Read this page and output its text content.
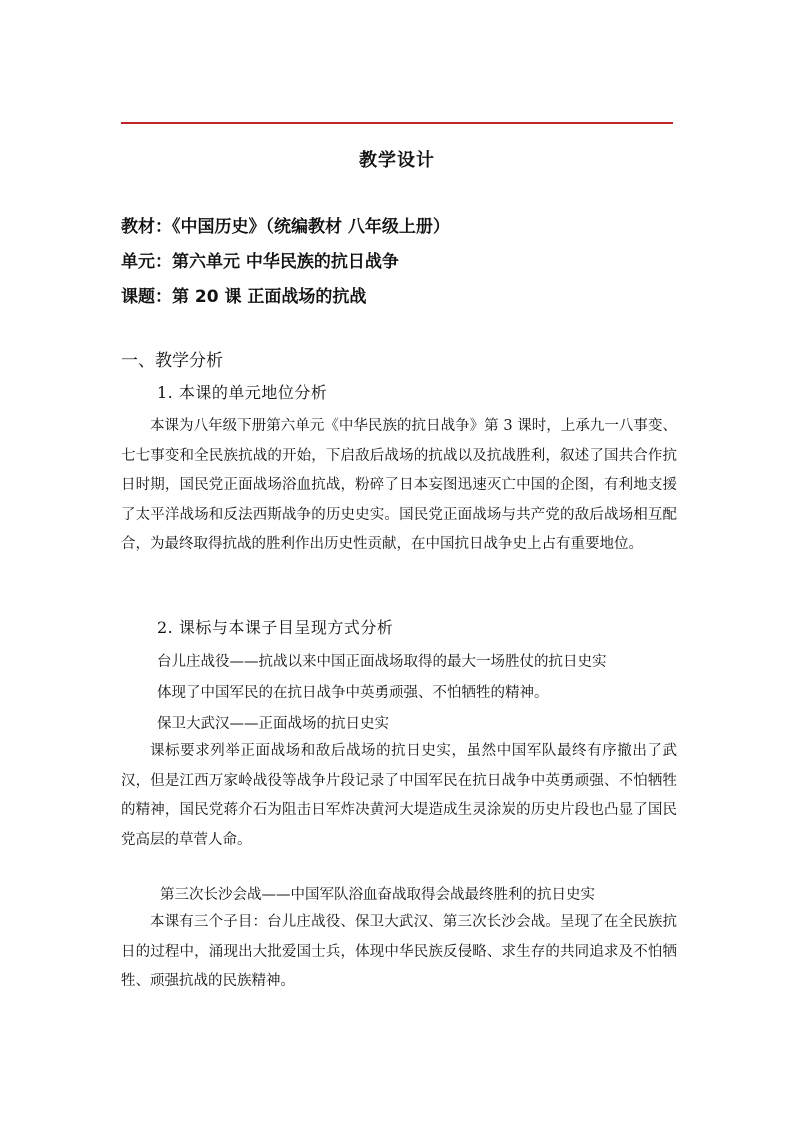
教学设计
教材：《中国历史》（统编教材 八年级上册）
单元：第六单元 中华民族的抗日战争
课题：第 20 课 正面战场的抗战
一、教学分析
1. 本课的单元地位分析

本课为八年级下册第六单元《中华民族的抗日战争》第 3 课时，上承九一八事变、七七事变和全民族抗战的开始，下启敌后战场的抗战以及抗战胜利，叙述了国共合作抗日时期，国民党正面战场浴血抗战，粉碎了日本妄图迅速灭亡中国的企图，有利地支援了太平洋战场和反法西斯战争的历史史实。国民党正面战场与共产党的敌后战场相互配合，为最终取得抗战的胜利作出历史性贡献，在中国抗日战争史上占有重要地位。

2. 课标与本课子目呈现方式分析

台儿庄战役——抗战以来中国正面战场取得的最大一场胜仗的抗日史实

体现了中国军民的在抗日战争中英勇顽强、不怕牺牲的精神。

保卫大武汉——正面战场的抗日史实

课标要求列举正面战场和敌后战场的抗日史实，虽然中国军队最终有序撤出了武汉，但是江西万家岭战役等战争片段记录了中国军民在抗日战争中英勇顽强、不怕牺牲的精神，国民党蒋介石为阻击日军炸决黄河大堤造成生灵涂炭的历史片段也凸显了国民党高层的草菅人命。

第三次长沙会战——中国军队浴血奋战取得会战最终胜利的抗日史实

本课有三个子目：台儿庄战役、保卫大武汉、第三次长沙会战。呈现了在全民族抗日的过程中，涌现出大批爱国士兵，体现中华民族反侵略、求生存的共同追求及不怕牺牲、顽强抗战的民族精神。
